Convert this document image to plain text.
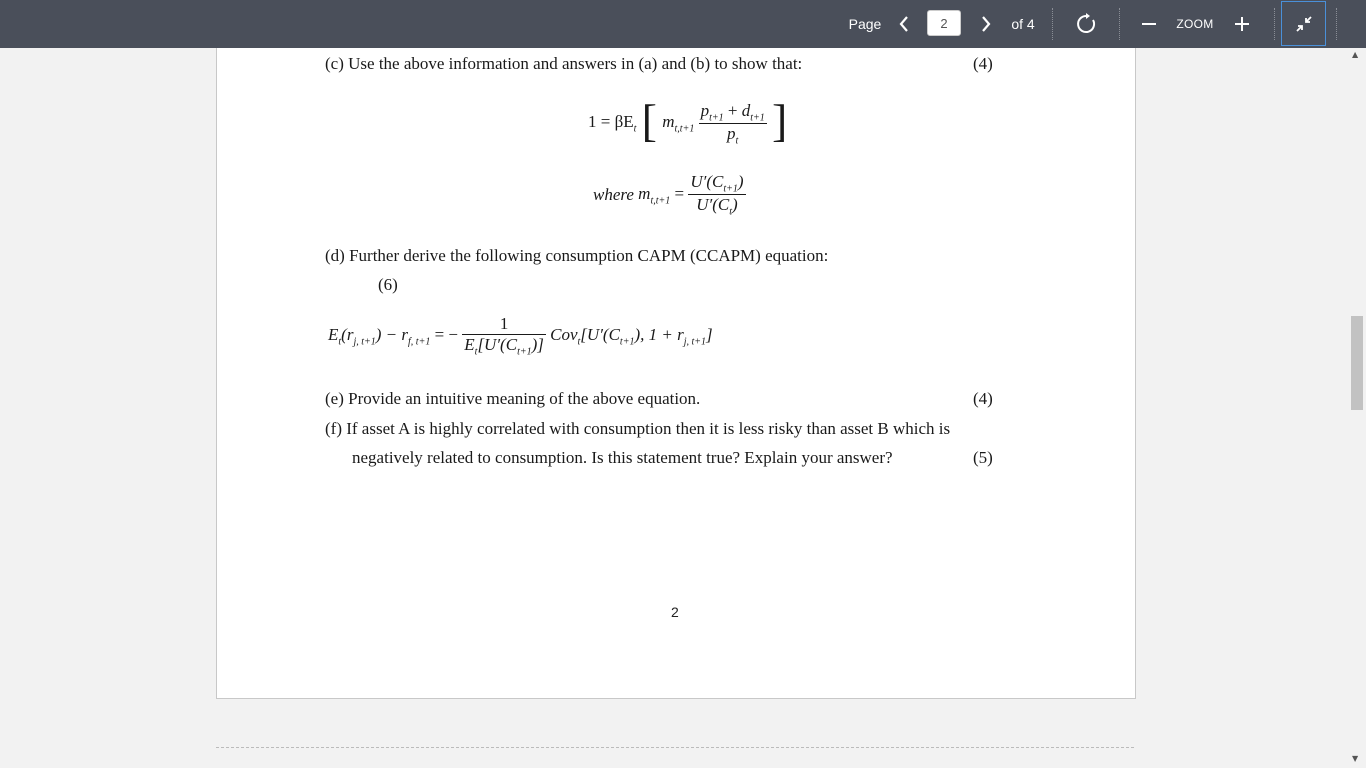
(c) Use the above information and answers in (a) and (b) to show that:	(4)
$1 = \beta E_t$ [ $m_{t,t+1} \frac{p_{t+1} + d_{t+1}}{p_t}$ ]
where $m_{t,t+1} = \frac{U'(C_{t+1})}{U'(C_t)}$
(d) Further derive the following consumption CAPM (CCAPM) equation:
(6)
$E_t(r_{j, t+1}) - r_{f, t+1}$ = − $\frac{1}{E_t[U'(C_{t+1})]} Cov_t[U'(C_{t+1})$, $1 + r_{j, t+1}$]
(e) Provide an intuitive meaning of the above equation.	(4)
(f) If asset A is highly correlated with consumption then it is less risky than asset B which is
negatively related to consumption. Is this statement true? Explain your answer?	(5)
2
▲
▼
Page
2	of 4	ZOOM
